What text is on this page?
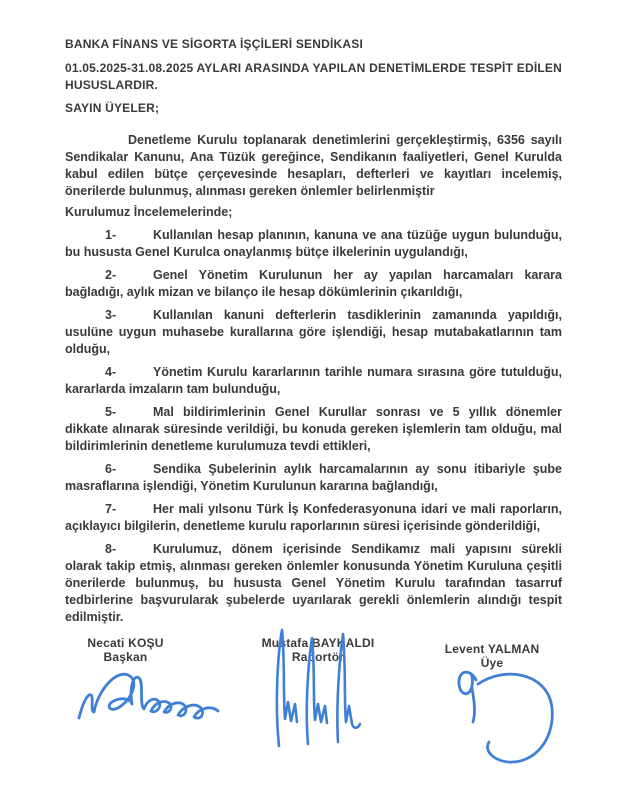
BANKA FİNANS VE SİGORTA İŞÇİLERİ SENDİKASI
01.05.2025-31.08.2025 AYLARI ARASINDA YAPILAN DENETİMLERDE TESPİT EDİLEN HUSUSLARDIR.
SAYIN ÜYELER;

Denetleme Kurulu toplanarak denetimlerini gerçekleştirmiş, 6356 sayılı Sendikalar Kanunu, Ana Tüzük gereğince, Sendikanın faaliyetleri, Genel Kurulda kabul edilen bütçe çerçevesinde hesapları, defterleri ve kayıtları incelemiş, önerilerde bulunmuş, alınması gereken önlemler belirlenmiştir

Kurulumuz İncelemelerinde;

1-	Kullanılan hesap planının, kanuna ve ana tüzüğe uygun bulunduğu, bu hususta Genel Kurulca onaylanmış bütçe ilkelerinin uygulandığı,

2-	Genel Yönetim Kurulunun her ay yapılan harcamaları karara bağladığı, aylık mizan ve bilanço ile hesap dökümlerinin çıkarıldığı,

3-	Kullanılan kanuni defterlerin tasdiklerinin zamanında yapıldığı, usulüne uygun muhasebe kurallarına göre işlendiği, hesap mutabakatlarının tam olduğu,

4-	Yönetim Kurulu kararlarının tarihle numara sırasına göre tutulduğu, kararlarda imzaların tam bulunduğu,

5-	Mal bildirimlerinin Genel Kurullar sonrası ve 5 yıllık dönemler dikkate alınarak süresinde verildiği, bu konuda gereken işlemlerin tam olduğu, mal bildirimlerinin denetleme kurulumuza tevdi ettikleri,

6-	Sendika Şubelerinin aylık harcamalarının ay sonu itibariyle şube masraflarına işlendiği, Yönetim Kurulunun kararına bağlandığı,

7-	Her mali yılsonu Türk İş Konfederasyonuna idari ve mali raporların, açıklayıcı bilgilerin, denetleme kurulu raporlarının süresi içerisinde gönderildiği,

8-	Kurulumuz, dönem içerisinde Sendikamız mali yapısını sürekli olarak takip etmiş, alınması gereken önlemler konusunda Yönetim Kuruluna çeşitli önerilerde bulunmuş, bu hususta Genel Yönetim Kurulu tarafından tasarruf tedbirlerine başvurularak şubelerde uyarılarak gerekli önlemlerin alındığı tespit edilmiştir.

Necati KOŞU
Başkan
Mustafa BAYKALDI
Raportör
Levent YALMAN
Üye
